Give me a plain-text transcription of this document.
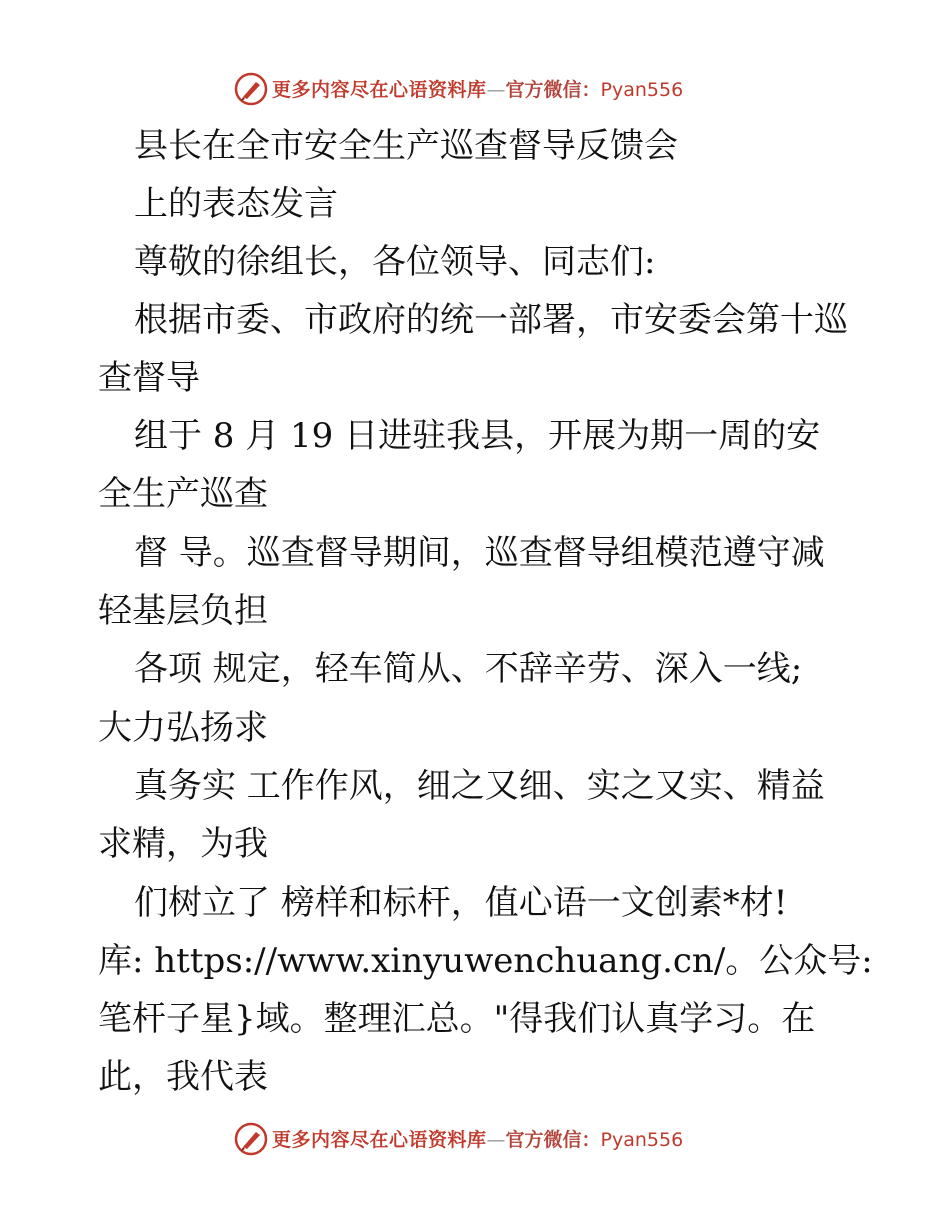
更多内容尽在心语资料库—官方微信：Pyan556
县长在全市安全生产巡查督导反馈会
上的表态发言
尊敬的徐组长，各位领导、同志们:
根据市委、市政府的统一部署，市安委会第十巡
查督导
组于 8 月 19 日进驻我县，开展为期一周的安
全生产巡查
督 导。巡查督导期间，巡查督导组模范遵守减
轻基层负担
各项 规定，轻车简从、不辞辛劳、深入一线;
大力弘扬求
真务实 工作作风，细之又细、实之又实、精益
求精，为我
们树立了 榜样和标杆，值心语一文创素*材!
库: https://www.xinyuwenchuang.cn/。公众号:
笔杆子星}域。整理汇总。"得我们认真学习。在
此，我代表
更多内容尽在心语资料库—官方微信：Pyan556
